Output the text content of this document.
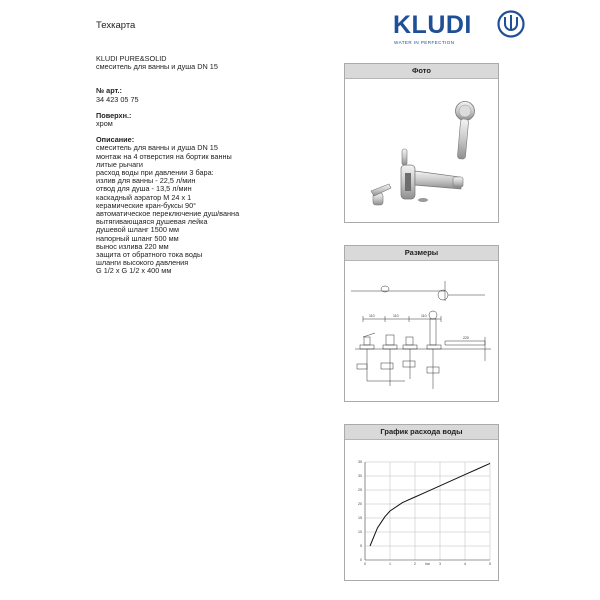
Техкарта	KLUDI
WATER IN PERFECTION
KLUDI PURE&SOLID
смеситель для ванны и душа DN 15
№ арт.:
34 423 05 75
Поверхн.:
хром
Описание:
смеситель для ванны и душа DN 15
монтаж на 4 отверстия на бортик ванны
литые рычаги
расход воды при давлении 3 бара:
излив для ванны - 22,5 л/мин
отвод для душа - 13,5 л/мин
каскадный аэратор М 24 х 1
керамические кран-буксы 90°
автоматическое переключение душ/ванна
вытягивающаяся душевая лейка
душевой шланг 1500 мм
напорный шланг 500 мм
вынос излива 220 мм
защита от обратного тока воды
шланги высокого давления
G 1/2 х G 1/2 x 400 мм
Фото
Размеры
110	110	110
220
График расхода воды
0
5
10
15
20
25
30
35
0	1	2	3	4	5
bar
